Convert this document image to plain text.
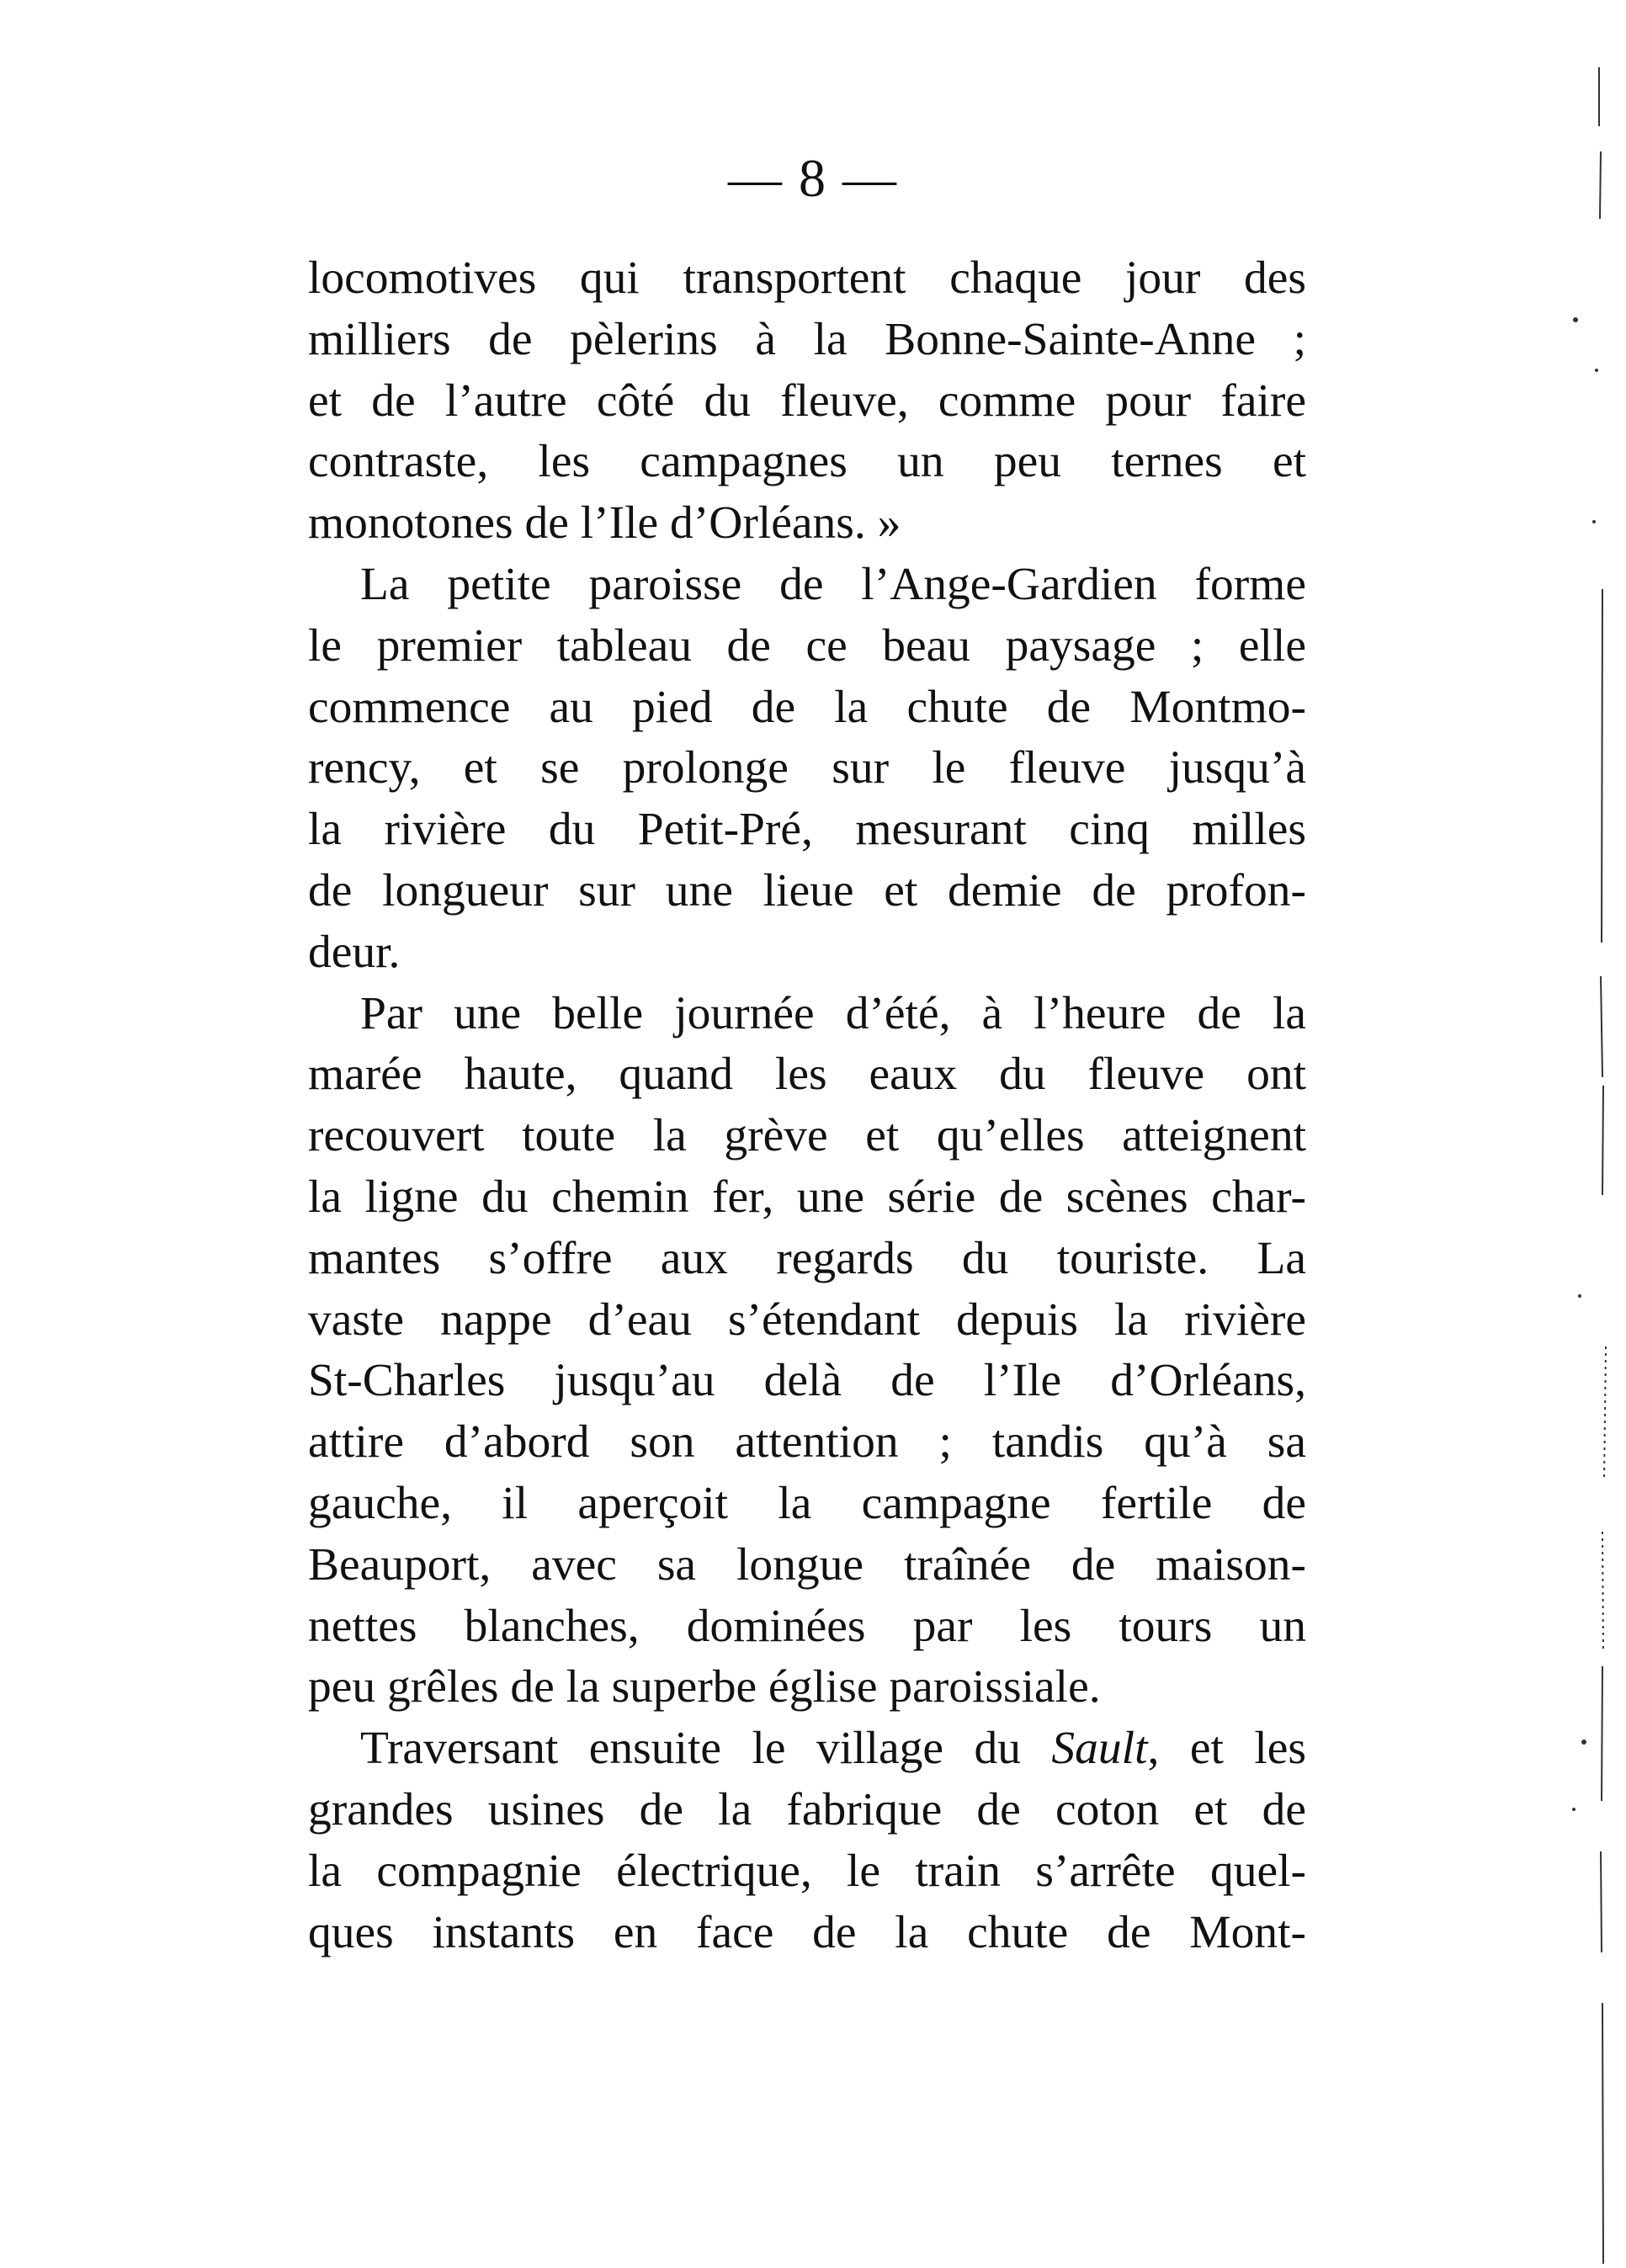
— 8 —
locomotives qui transportent chaque jour des
milliers de pèlerins à la Bonne-Sainte-Anne ;
et de l’autre côté du fleuve, comme pour faire
contraste, les campagnes un peu ternes et
monotones de l’Ile d’Orléans. »
La petite paroisse de l’Ange-Gardien forme
le premier tableau de ce beau paysage ; elle
commence au pied de la chute de Montmo-
rency, et se prolonge sur le fleuve jusqu’à
la rivière du Petit-Pré, mesurant cinq milles
de longueur sur une lieue et demie de profon-
deur.
Par une belle journée d’été, à l’heure de la
marée haute, quand les eaux du fleuve ont
recouvert toute la grève et qu’elles atteignent
la ligne du chemin fer, une série de scènes char-
mantes s’offre aux regards du touriste. La
vaste nappe d’eau s’étendant depuis la rivière
St-Charles jusqu’au delà de l’Ile d’Orléans,
attire d’abord son attention ; tandis qu’à sa
gauche, il aperçoit la campagne fertile de
Beauport, avec sa longue traînée de maison-
nettes blanches, dominées par les tours un
peu grêles de la superbe église paroissiale.
Traversant ensuite le village du Sault, et les
grandes usines de la fabrique de coton et de
la compagnie électrique, le train s’arrête quel-
ques instants en face de la chute de Mont-
